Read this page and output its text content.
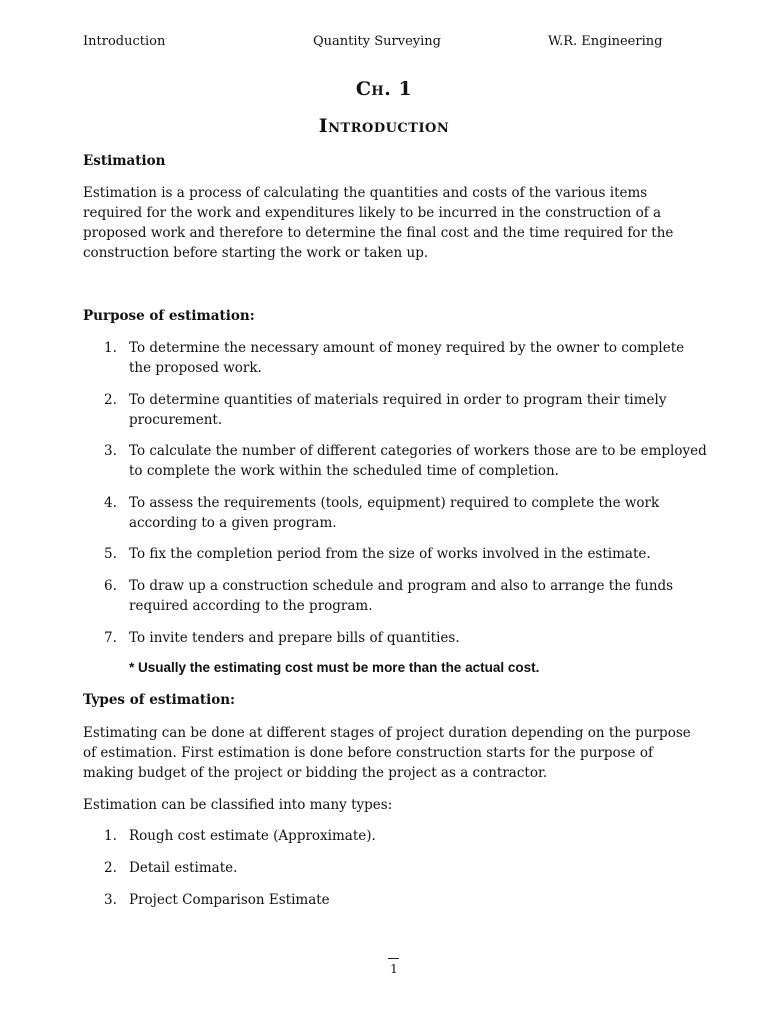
Introduction	Quantity Surveying	W.R. Engineering
Ch. 1
Introduction
Estimation
Estimation is a process of calculating the quantities and costs of the various items required for the work and expenditures likely to be incurred in the construction of a proposed work and therefore to determine the final cost and the time required for the construction before starting the work or taken up.
Purpose of estimation:
1. To determine the necessary amount of money required by the owner to complete the proposed work.
2. To determine quantities of materials required in order to program their timely procurement.
3. To calculate the number of different categories of workers those are to be employed to complete the work within the scheduled time of completion.
4. To assess the requirements (tools, equipment) required to complete the work according to a given program.
5. To fix the completion period from the size of works involved in the estimate.
6. To draw up a construction schedule and program and also to arrange the funds required according to the program.
7. To invite tenders and prepare bills of quantities.
* Usually the estimating cost must be more than the actual cost.
Types of estimation:
Estimating can be done at different stages of project duration depending on the purpose of estimation. First estimation is done before construction starts for the purpose of making budget of the project or bidding the project as a contractor.
Estimation can be classified into many types:
1. Rough cost estimate (Approximate).
2. Detail estimate.
3. Project Comparison Estimate
1
